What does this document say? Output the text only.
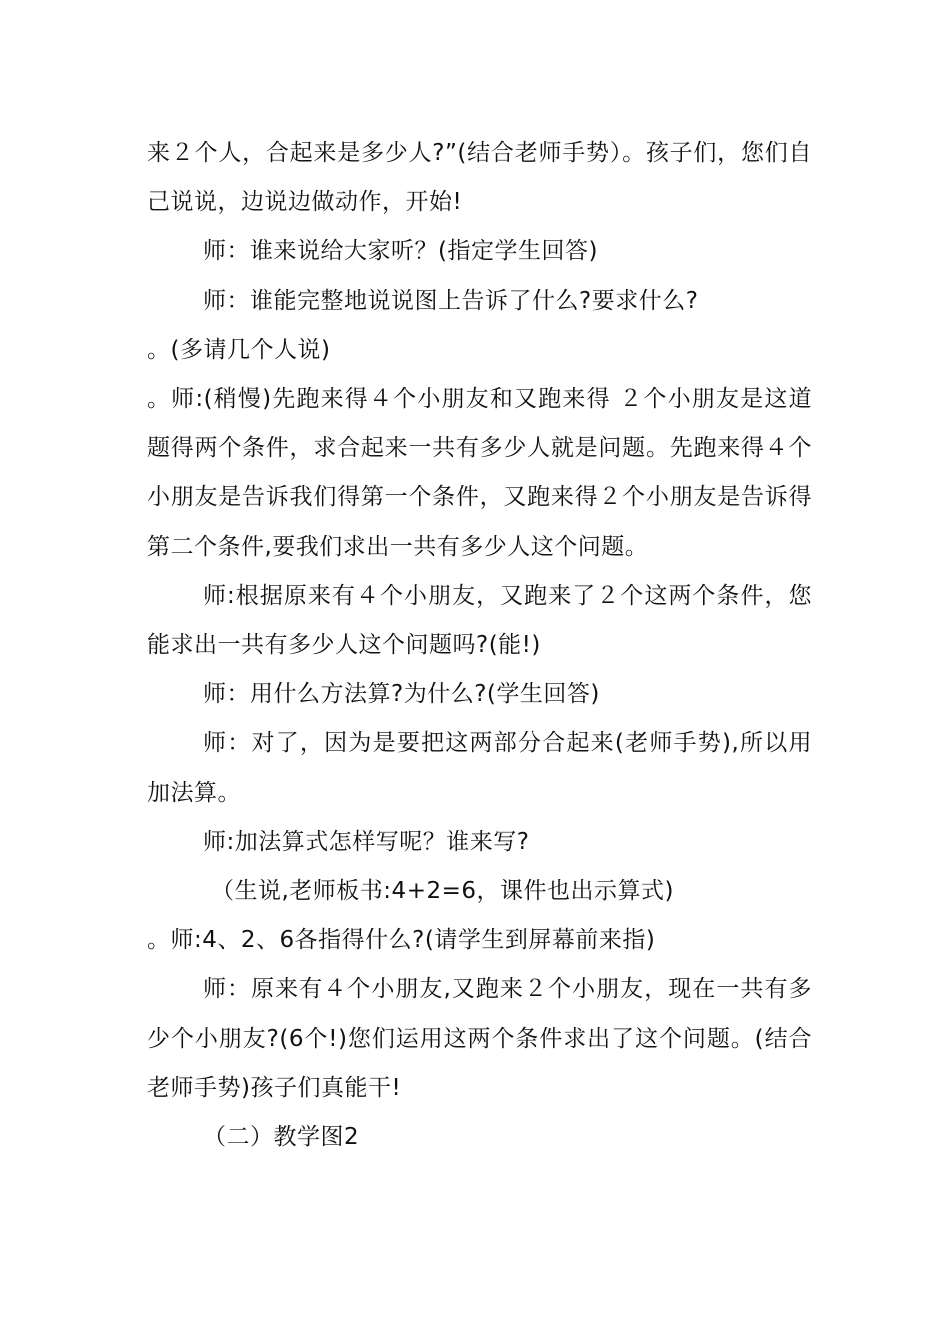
来２个人，合起来是多少人?”(结合老师手势）。孩子们，您们自己说说，边说边做动作，开始!

师：谁来说给大家听？(指定学生回答)

师：谁能完整地说说图上告诉了什么?要求什么?

。(多请几个人说)

。师:(稍慢)先跑来得４个小朋友和又跑来得 ２个小朋友是这道题得两个条件，求合起来一共有多少人就是问题。先跑来得４个小朋友是告诉我们得第一个条件，又跑来得２个小朋友是告诉得第二个条件,要我们求出一共有多少人这个问题。

师:根据原来有４个小朋友，又跑来了２个这两个条件，您能求出一共有多少人这个问题吗?(能!)

师：用什么方法算?为什么?(学生回答)

师：对了，因为是要把这两部分合起来(老师手势),所以用加法算。

师:加法算式怎样写呢？谁来写?

（生说,老师板书:4+2=6，课件也出示算式)

。师:4、2、6各指得什么?(请学生到屏幕前来指)

师：原来有４个小朋友,又跑来２个小朋友，现在一共有多少个小朋友?(6个!)您们运用这两个条件求出了这个问题。(结合老师手势)孩子们真能干!

（二）教学图2
